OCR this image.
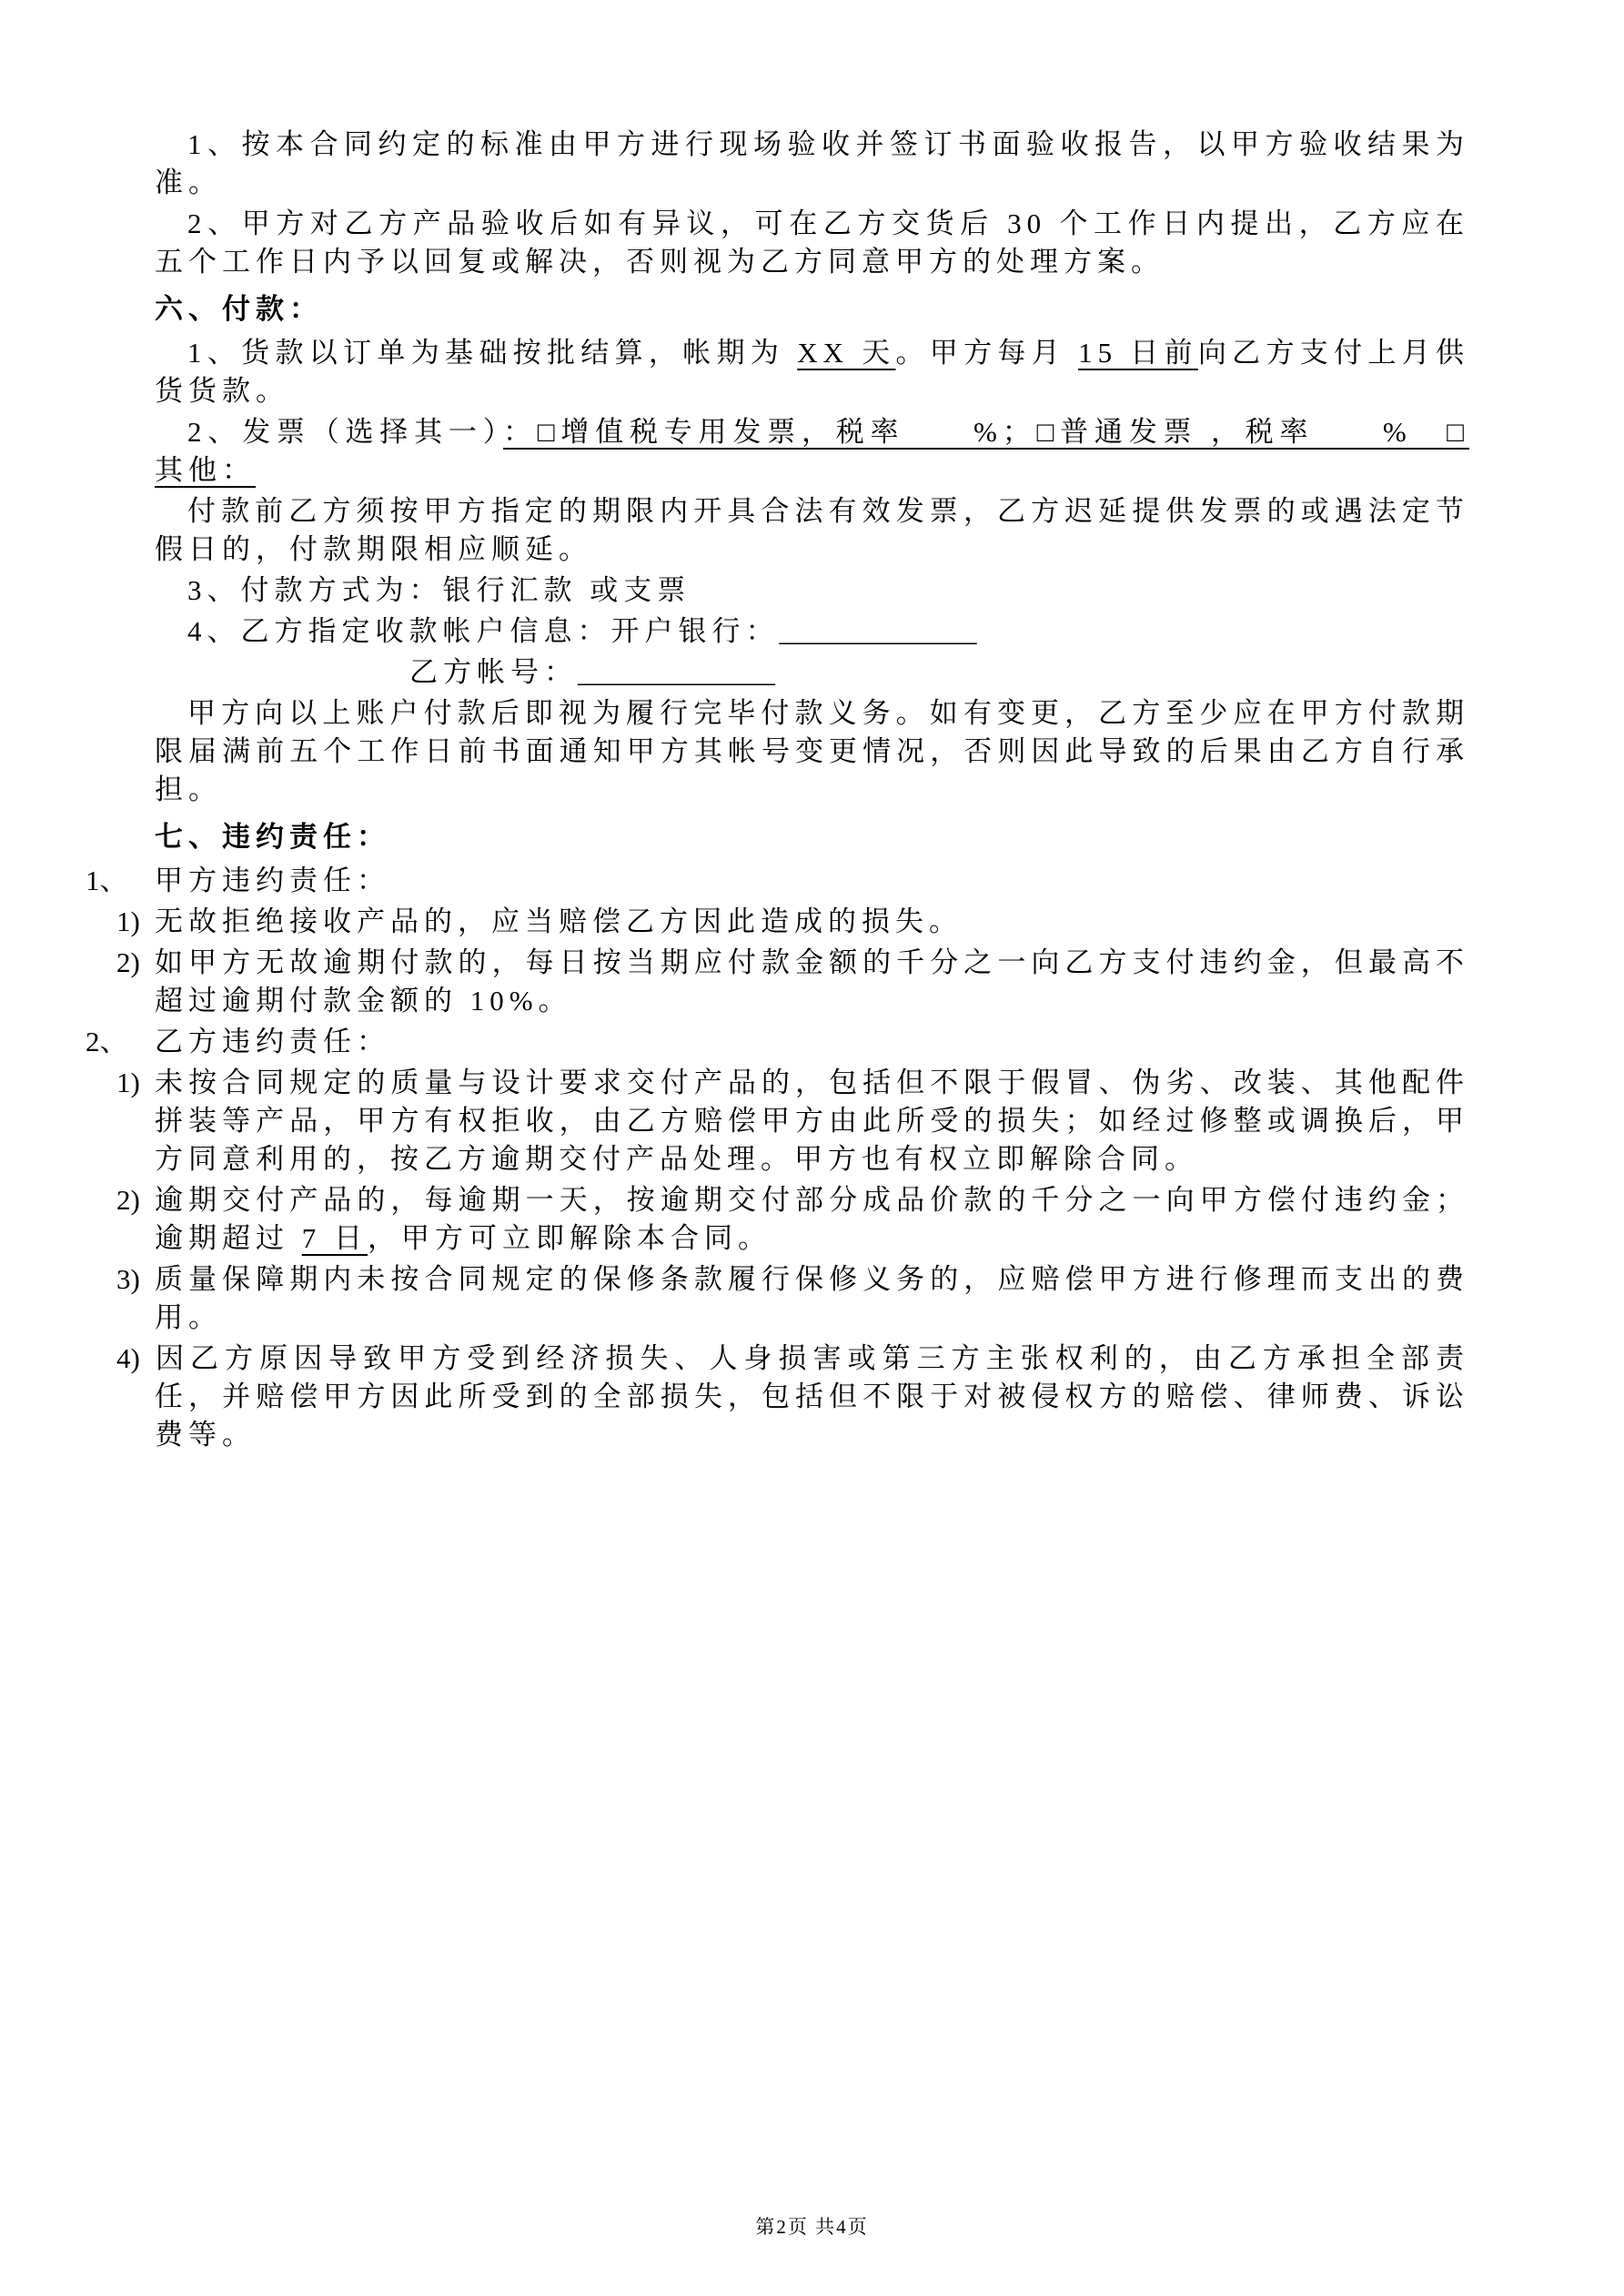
1、按本合同约定的标准由甲方进行现场验收并签订书面验收报告，以甲方验收结果为准。

2、甲方对乙方产品验收后如有异议，可在乙方交货后 30 个工作日内提出，乙方应在五个工作日内予以回复或解决，否则视为乙方同意甲方的处理方案。

六、付款：

1、货款以订单为基础按批结算，帐期为 XX 天。甲方每月 15 日前向乙方支付上月供货货款。

2、发票（选择其一）：□增值税专用发票，税率　　%；□普通发票 ，税率　　%　□其他：

付款前乙方须按甲方指定的期限内开具合法有效发票，乙方迟延提供发票的或遇法定节假日的，付款期限相应顺延。

3、付款方式为：银行汇款 或支票

4、乙方指定收款帐户信息：开户银行：______________

乙方帐号：______________

甲方向以上账户付款后即视为履行完毕付款义务。如有变更，乙方至少应在甲方付款期限届满前五个工作日前书面通知甲方其帐号变更情况，否则因此导致的后果由乙方自行承担。

七、违约责任：

1、 甲方违约责任：

1) 无故拒绝接收产品的，应当赔偿乙方因此造成的损失。

2) 如甲方无故逾期付款的，每日按当期应付款金额的千分之一向乙方支付违约金，但最高不超过逾期付款金额的 10%。

2、 乙方违约责任：

1) 未按合同规定的质量与设计要求交付产品的，包括但不限于假冒、伪劣、改装、其他配件拼装等产品，甲方有权拒收，由乙方赔偿甲方由此所受的损失；如经过修整或调换后，甲方同意利用的，按乙方逾期交付产品处理。甲方也有权立即解除合同。

2) 逾期交付产品的，每逾期一天，按逾期交付部分成品价款的千分之一向甲方偿付违约金；逾期超过 7 日，甲方可立即解除本合同。

3) 质量保障期内未按合同规定的保修条款履行保修义务的，应赔偿甲方进行修理而支出的费用。

4) 因乙方原因导致甲方受到经济损失、人身损害或第三方主张权利的，由乙方承担全部责任，并赔偿甲方因此所受到的全部损失，包括但不限于对被侵权方的赔偿、律师费、诉讼费等。

第2页 共4页
